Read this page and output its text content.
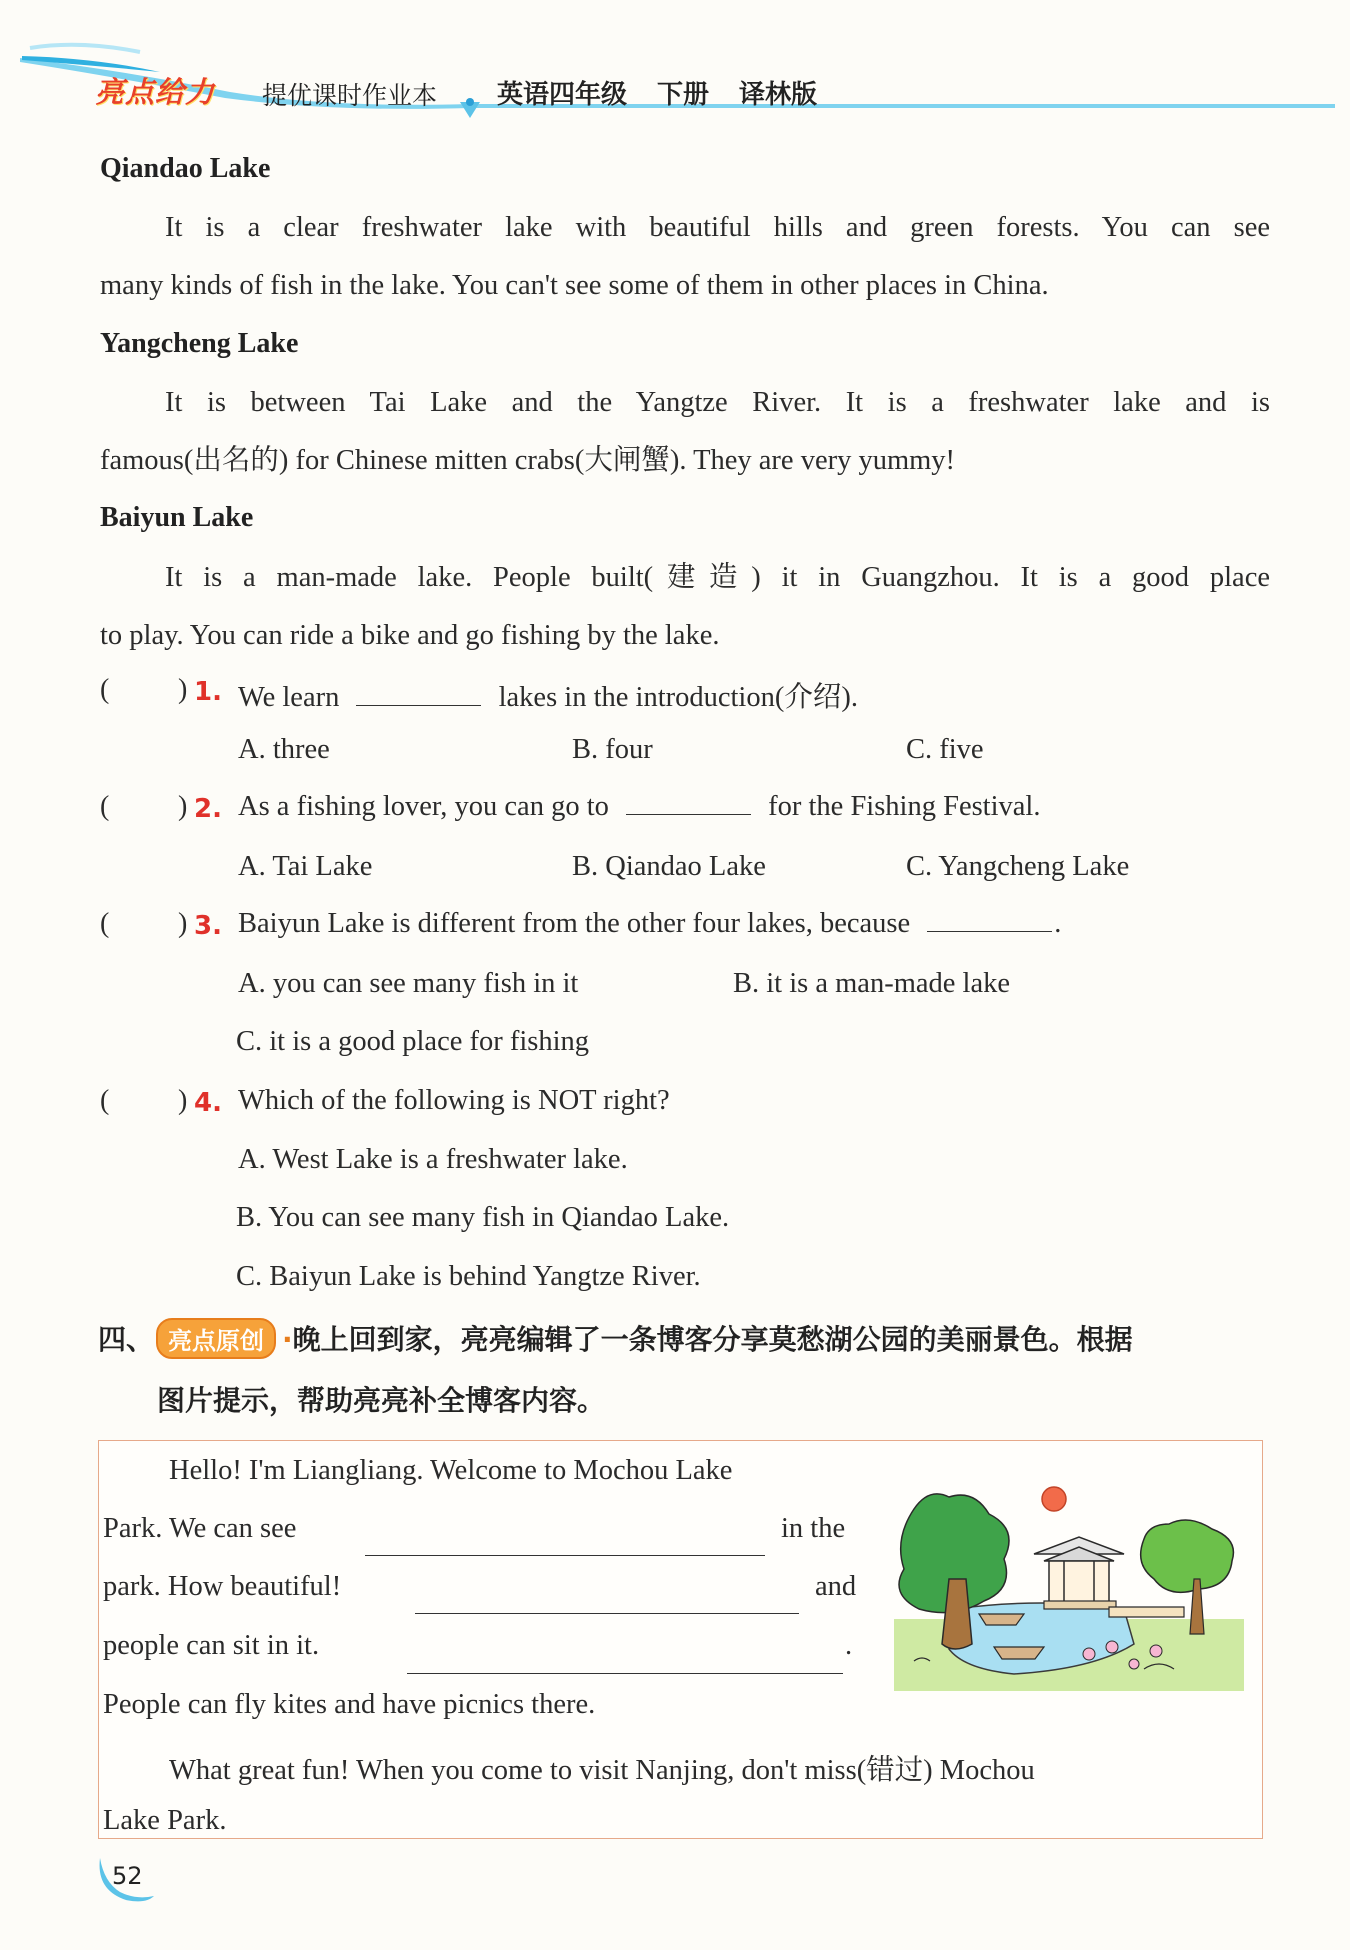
亮点给力 提优课时作业本 英语四年级 下册 译林版
Qiandao Lake
It is a clear freshwater lake with beautiful hills and green forests. You can see
many kinds of fish in the lake. You can't see some of them in other places in China.
Yangcheng Lake
It is between Tai Lake and the Yangtze River. It is a freshwater lake and is
famous(出名的) for Chinese mitten crabs(大闸蟹). They are very yummy!
Baiyun Lake
It is a man-made lake. People built(建造) it in Guangzhou. It is a good place
to play. You can ride a bike and go fishing by the lake.
( ) 1. We learn	lakes in the introduction(介绍).
A. three	B. four	C. five
( ) 2. As a fishing lover, you can go to	for the Fishing Festival.
A. Tai Lake	B. Qiandao Lake	C. Yangcheng Lake
( ) 3. Baiyun Lake is different from the other four lakes, because	.
A. you can see many fish in it	B. it is a man-made lake
C. it is a good place for fishing
( ) 4. Which of the following is NOT right?
A. West Lake is a freshwater lake.
B. You can see many fish in Qiandao Lake.
C. Baiyun Lake is behind Yangtze River.
四、 亮点原创 ·晚上回到家，亮亮编辑了一条博客分享莫愁湖公园的美丽景色。根据
图片提示，帮助亮亮补全博客内容。
Hello! I'm Liangliang. Welcome to Mochou Lake
Park. We can see	in the
park. How beautiful!	and
people can sit in it.	.
People can fly kites and have picnics there.
What great fun! When you come to visit Nanjing, don't miss(错过) Mochou
Lake Park.
52
